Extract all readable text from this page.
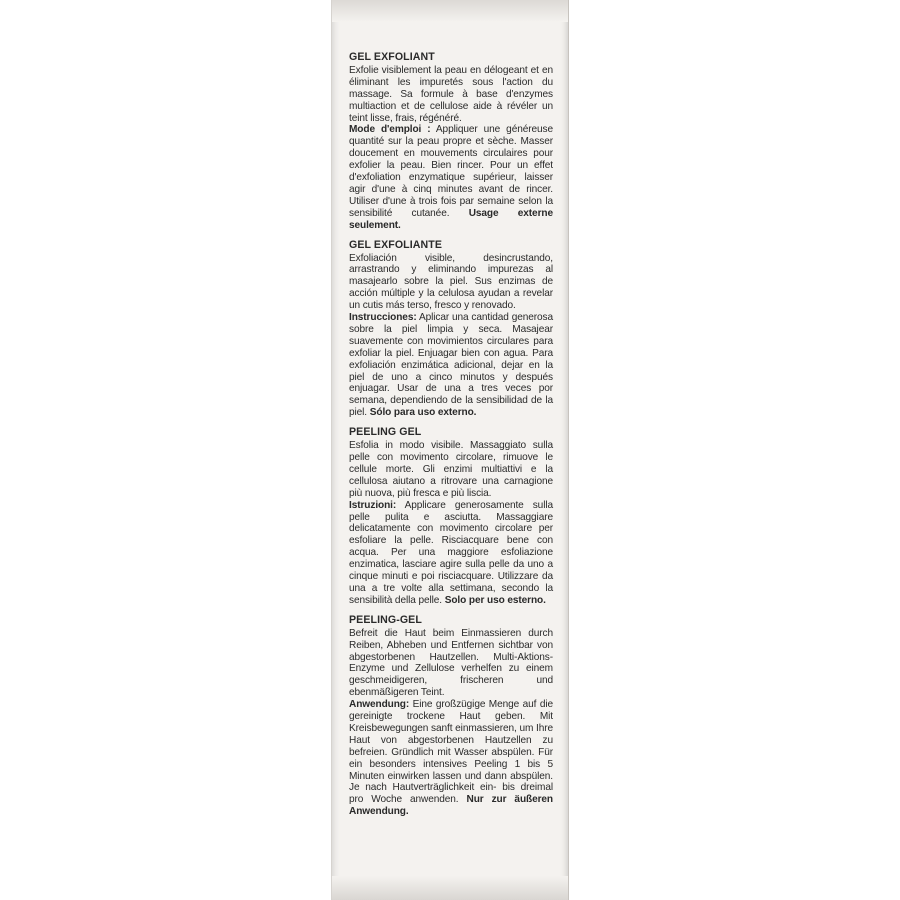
GEL EXFOLIANT

Exfolie visiblement la peau en délogeant et en éliminant les impuretés sous l'action du massage. Sa formule à base d'enzymes multiaction et de cellulose aide à révéler un teint lisse, frais, régénéré.

Mode d'emploi : Appliquer une généreuse quantité sur la peau propre et sèche. Masser doucement en mouvements circulaires pour exfolier la peau. Bien rincer. Pour un effet d'exfoliation enzymatique supérieur, laisser agir d'une à cinq minutes avant de rincer. Utiliser d'une à trois fois par semaine selon la sensibilité cutanée. Usage externe seulement.

GEL EXFOLIANTE

Exfoliación visible, desincrustando, arrastrando y eliminando impurezas al masajearlo sobre la piel. Sus enzimas de acción múltiple y la celulosa ayudan a revelar un cutis más terso, fresco y renovado.

Instrucciones: Aplicar una cantidad generosa sobre la piel limpia y seca. Masajear suavemente con movimientos circulares para exfoliar la piel. Enjuagar bien con agua. Para exfoliación enzimática adicional, dejar en la piel de uno a cinco minutos y después enjuagar. Usar de una a tres veces por semana, dependiendo de la sensibilidad de la piel. Sólo para uso externo.

PEELING GEL

Esfolia in modo visibile. Massaggiato sulla pelle con movimento circolare, rimuove le cellule morte. Gli enzimi multiattivi e la cellulosa aiutano a ritrovare una carnagione più nuova, più fresca e più liscia.

Istruzioni: Applicare generosamente sulla pelle pulita e asciutta. Massaggiare delicatamente con movimento circolare per esfoliare la pelle. Risciacquare bene con acqua. Per una maggiore esfoliazione enzimatica, lasciare agire sulla pelle da uno a cinque minuti e poi risciacquare. Utilizzare da una a tre volte alla settimana, secondo la sensibilità della pelle. Solo per uso esterno.

PEELING-GEL

Befreit die Haut beim Einmassieren durch Reiben, Abheben und Entfernen sichtbar von abgestorbenen Hautzellen. Multi-Aktions-Enzyme und Zellulose verhelfen zu einem geschmeidigeren, frischeren und ebenmäßigeren Teint.

Anwendung: Eine großzügige Menge auf die gereinigte trockene Haut geben. Mit Kreisbewegungen sanft einmassieren, um Ihre Haut von abgestorbenen Hautzellen zu befreien. Gründlich mit Wasser abspülen. Für ein besonders intensives Peeling 1 bis 5 Minuten einwirken lassen und dann abspülen. Je nach Hautverträglichkeit ein- bis dreimal pro Woche anwenden. Nur zur äußeren Anwendung.
